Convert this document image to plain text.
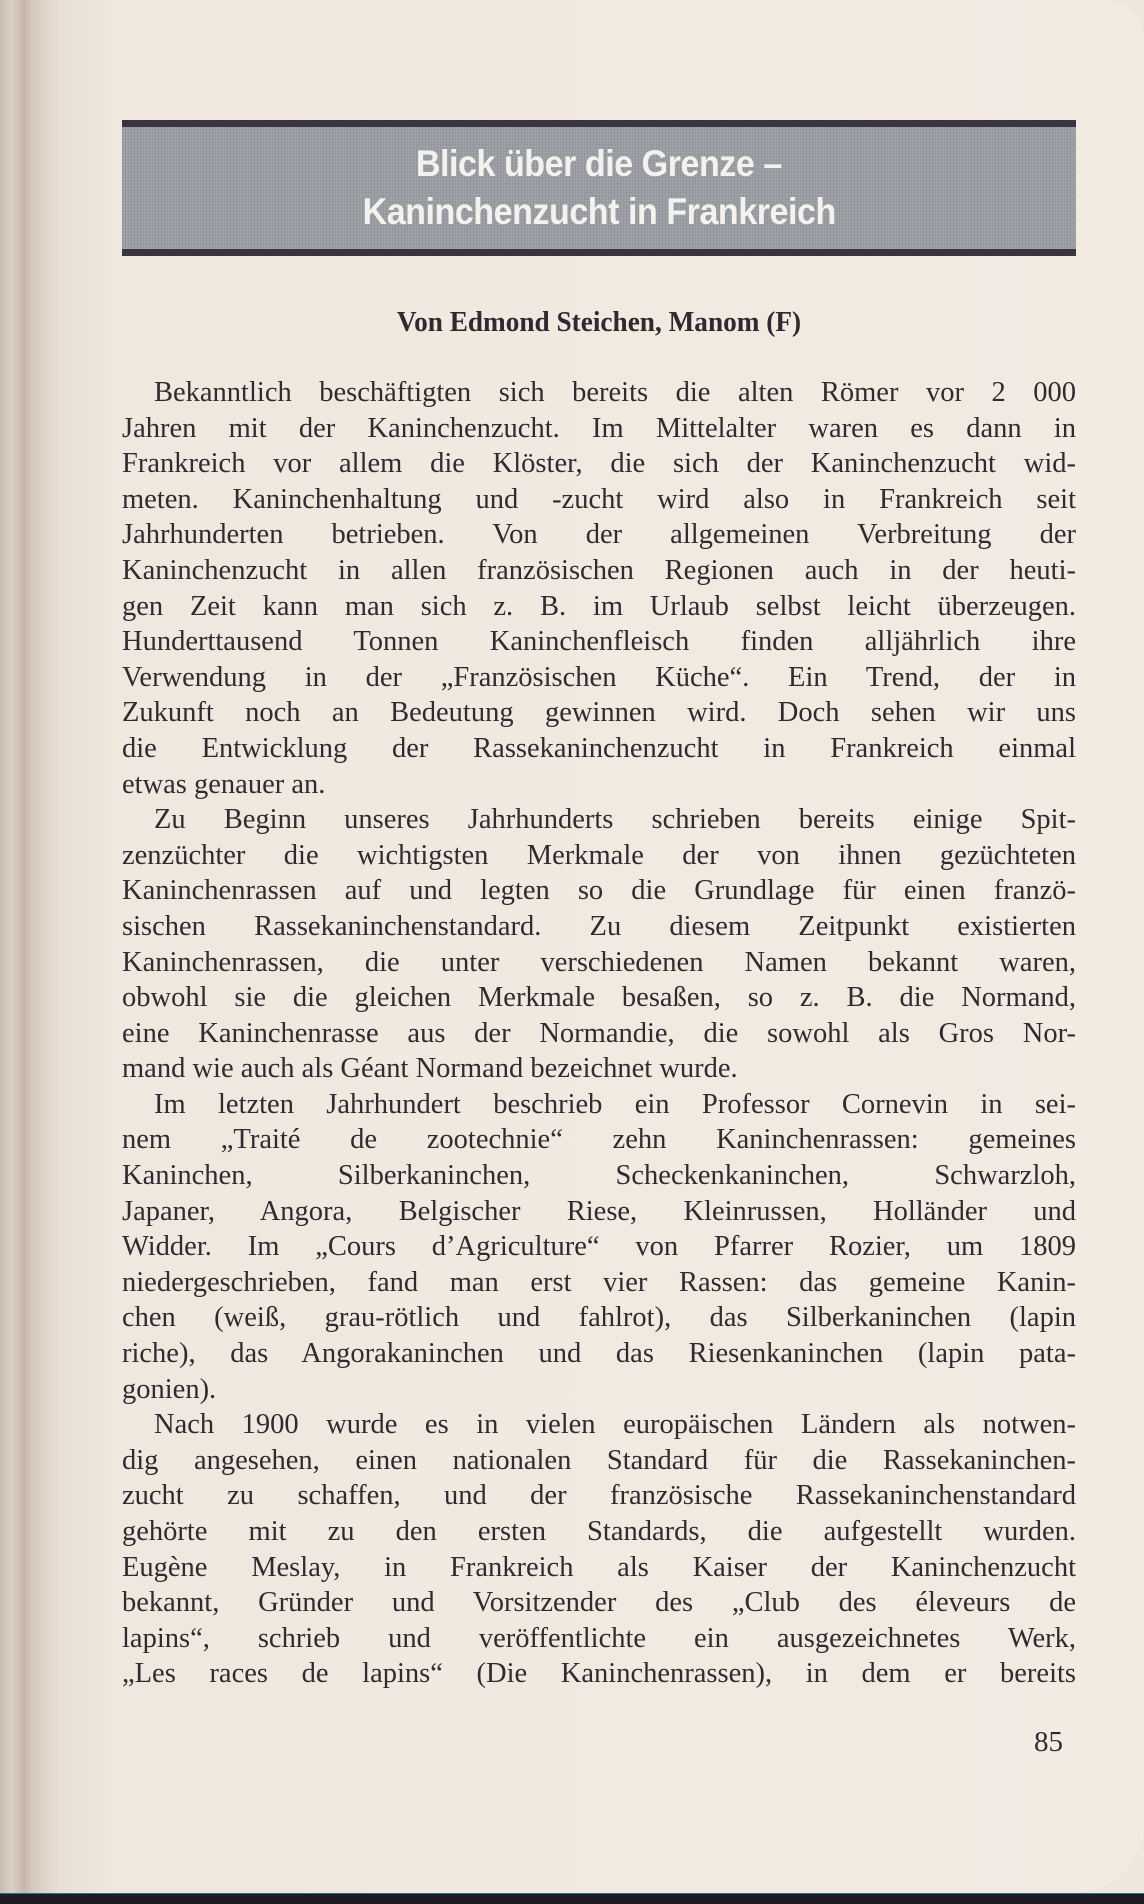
Blick über die Grenze –
Kaninchenzucht in Frankreich
Von Edmond Steichen, Manom (F)
Bekanntlich beschäftigten sich bereits die alten Römer vor 2 000
Jahren mit der Kaninchenzucht. Im Mittelalter waren es dann in
Frankreich vor allem die Klöster, die sich der Kaninchenzucht wid-
meten. Kaninchenhaltung und -zucht wird also in Frankreich seit
Jahrhunderten betrieben. Von der allgemeinen Verbreitung der
Kaninchenzucht in allen französischen Regionen auch in der heuti-
gen Zeit kann man sich z. B. im Urlaub selbst leicht überzeugen.
Hunderttausend Tonnen Kaninchenfleisch finden alljährlich ihre
Verwendung in der „Französischen Küche“. Ein Trend, der in
Zukunft noch an Bedeutung gewinnen wird. Doch sehen wir uns
die Entwicklung der Rassekaninchenzucht in Frankreich einmal
etwas genauer an.
Zu Beginn unseres Jahrhunderts schrieben bereits einige Spit-
zenzüchter die wichtigsten Merkmale der von ihnen gezüchteten
Kaninchenrassen auf und legten so die Grundlage für einen franzö-
sischen Rassekaninchenstandard. Zu diesem Zeitpunkt existierten
Kaninchenrassen, die unter verschiedenen Namen bekannt waren,
obwohl sie die gleichen Merkmale besaßen, so z. B. die Normand,
eine Kaninchenrasse aus der Normandie, die sowohl als Gros Nor-
mand wie auch als Géant Normand bezeichnet wurde.
Im letzten Jahrhundert beschrieb ein Professor Cornevin in sei-
nem „Traité de zootechnie“ zehn Kaninchenrassen: gemeines
Kaninchen, Silberkaninchen, Scheckenkaninchen, Schwarzloh,
Japaner, Angora, Belgischer Riese, Kleinrussen, Holländer und
Widder. Im „Cours d’Agriculture“ von Pfarrer Rozier, um 1809
niedergeschrieben, fand man erst vier Rassen: das gemeine Kanin-
chen (weiß, grau-rötlich und fahlrot), das Silberkaninchen (lapin
riche), das Angorakaninchen und das Riesenkaninchen (lapin pata-
gonien).
Nach 1900 wurde es in vielen europäischen Ländern als notwen-
dig angesehen, einen nationalen Standard für die Rassekaninchen-
zucht zu schaffen, und der französische Rassekaninchenstandard
gehörte mit zu den ersten Standards, die aufgestellt wurden.
Eugène Meslay, in Frankreich als Kaiser der Kaninchenzucht
bekannt, Gründer und Vorsitzender des „Club des éleveurs de
lapins“, schrieb und veröffentlichte ein ausgezeichnetes Werk,
„Les races de lapins“ (Die Kaninchenrassen), in dem er bereits
85
